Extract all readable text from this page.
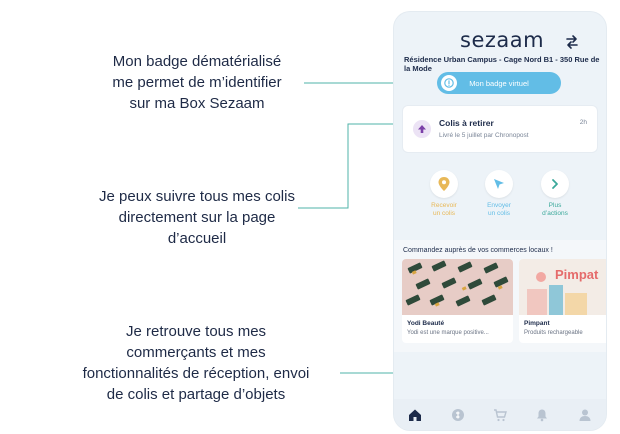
Mon badge dématérialisé
me permet de m’identifier
sur ma Box Sezaam
Je peux suivre tous mes colis
directement sur la page
d’accueil
Je retrouve tous mes
commerçants et mes
fonctionnalités de réception, envoi
de colis et partage d’objets
sezaam
Résidence Urban Campus - Cage Nord B1 - 350 Rue de la Mode
Mon badge virtuel
Colis à retirer
Livré le 5 juillet par Chronopost
2h
Recevoir
un colis
Envoyer
un colis
Plus
d’actions
Commandez auprès de vos commerces locaux !
Yodi Beauté
Yodi est une marque positive...
Pimpat
Pimpant
Produits rechargeable
